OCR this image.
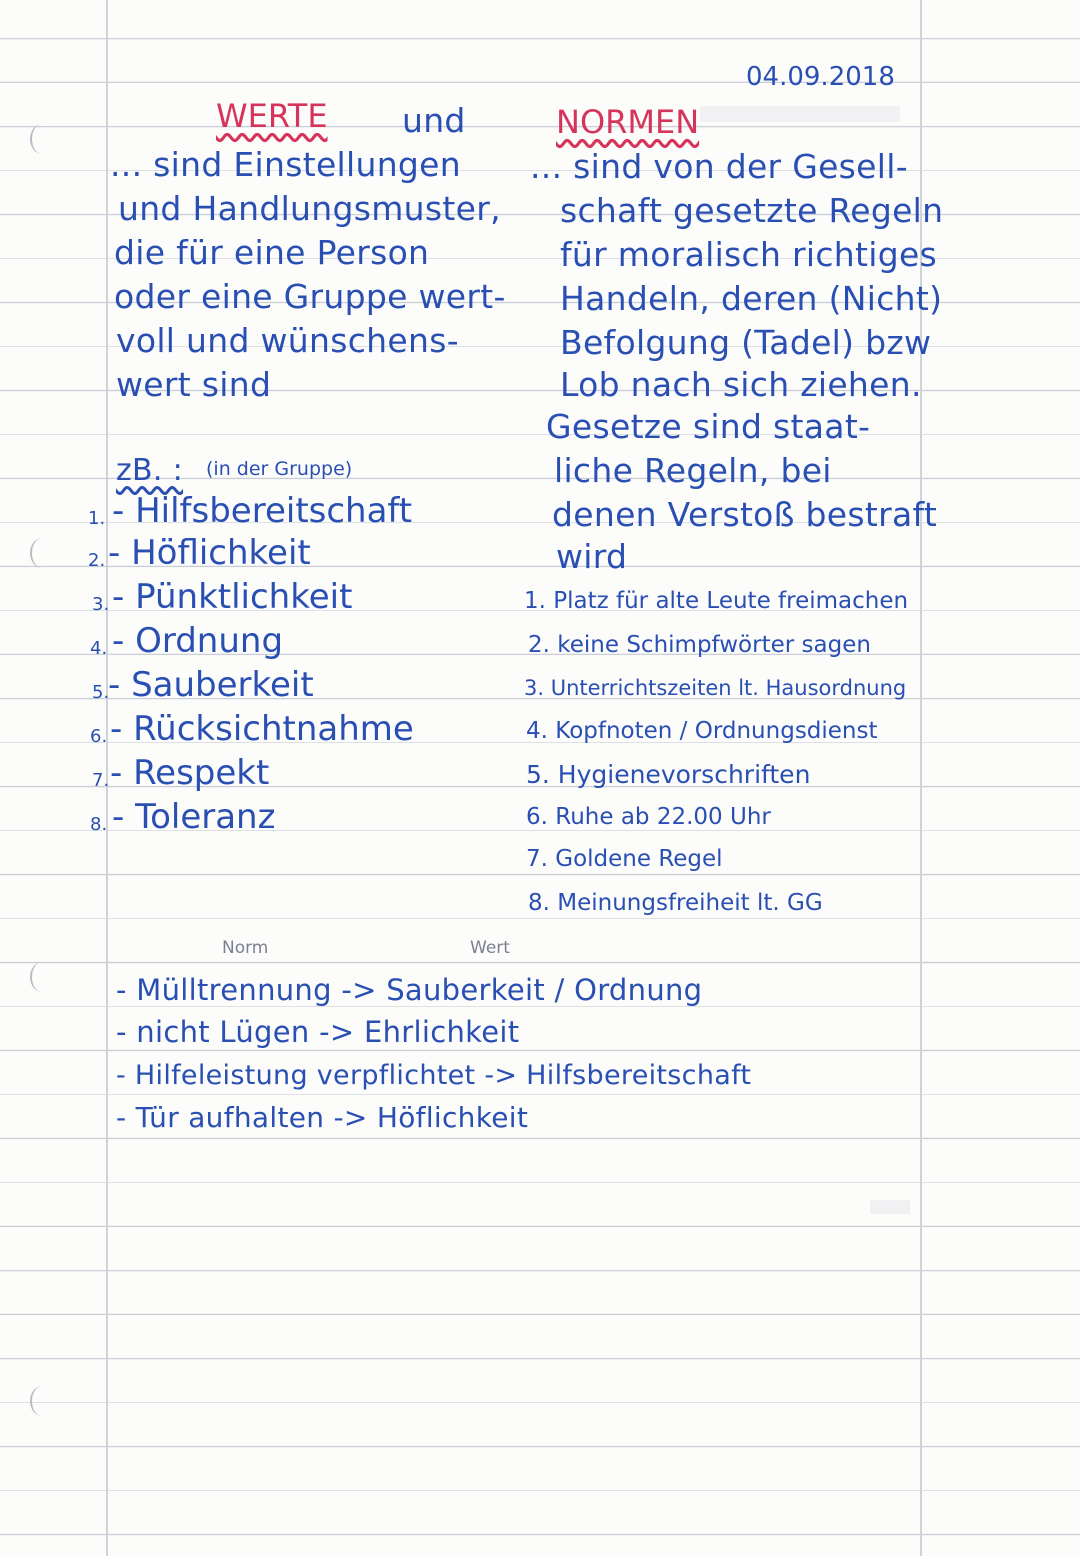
04.09.2018
WERTE und	NORMEN
... sind Einstellungen
und Handlungsmuster,
die für eine Person
oder eine Gruppe wert-
voll und wünschens-
wert sind
... sind von der Gesell-
schaft gesetzte Regeln
für moralisch richtiges
Handeln, deren (Nicht)
Befolgung (Tadel) bzw
Lob nach sich ziehen.
Gesetze sind staat-
liche Regeln, bei
denen Verstoß bestraft
wird
zB. : (in der Gruppe)
1. - Hilfsbereitschaft
2. - Höflichkeit
3. - Pünktlichkeit
4. - Ordnung
5.
- Sauberkeit
6. - Rücksichtnahme
7. - Respekt
8. - Toleranz
1. Platz für alte Leute freimachen
2. keine Schimpfwörter sagen
3. Unterrichtszeiten lt. Hausordnung
4. Kopfnoten / Ordnungsdienst
5. Hygienevorschriften
6. Ruhe ab 22.00 Uhr
7. Goldene Regel
8. Meinungsfreiheit lt. GG
Norm	Wert
- Mülltrennung -> Sauberkeit / Ordnung
- nicht Lügen -> Ehrlichkeit
- Hilfeleistung verpflichtet -> Hilfsbereitschaft
- Tür aufhalten -> Höflichkeit
